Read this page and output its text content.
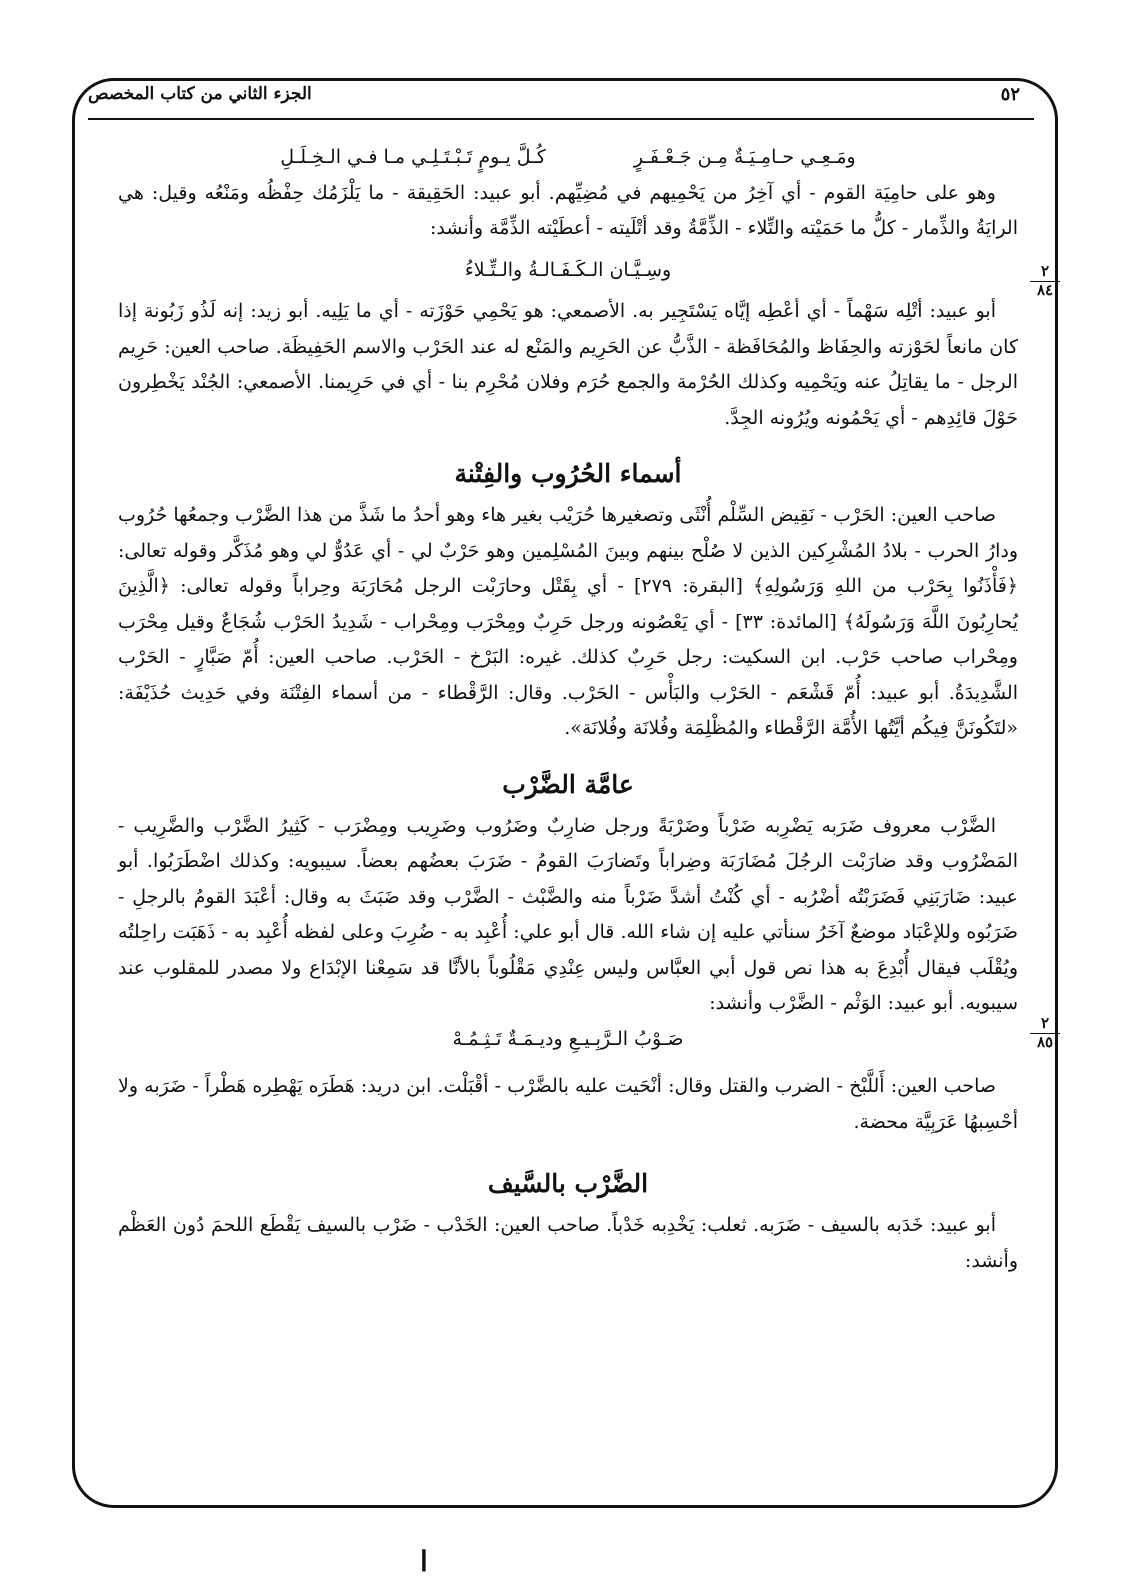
٥٢
الجزء الثاني من كتاب المخصص
٢
٨٤
٢
٨٥
ومَـعِـي حـامِـيَـةٌ مِـن جَـعْـفَـرٍ كُـلَّ يـومٍ تَـبْـتَـلِـي مـا فـي الـخِـلَـلِ

وهو على حامِيَة القوم - أي آخِرُ من يَحْمِيهم في مُضِيِّهم. أبو عبيد: الحَقِيقة - ما يَلْزَمُك حِفْظُه ومَنْعُه وقيل: هي الرايَةُ والذِّمار - كلُّ ما حَمَيْته والتِّلاء - الذِّمَّةُ وقد أتْلَيته - أعطَيْته الذِّمَّة وأنشد:

وسِـيَّـان الـكَـفَـالـةُ والـتِّـلاءُ

أبو عبيد: أتْلِه سَهْماً - أي أعْطِه إيَّاه يَسْتَجِير به. الأصمعي: هو يَحْمِي حَوْزَته - أي ما يَلِيه. أبو زيد: إنه لَذُو زَبُونة إذا كان مانعاً لحَوْزته والحِفَاظ والمُحَافَظة - الذَّبُّ عن الحَرِيم والمَنْع له عند الحَرْب والاسم الحَفِيظَة. صاحب العين: حَرِيم الرجل - ما يقاتِلُ عنه ويَحْمِيه وكذلك الحُرْمة والجمع حُرَم وفلان مُحْرِم بنا - أي في حَرِيمنا. الأصمعي: الجُنْد يَخْطِرون حَوْلَ قائِدِهم - أي يَحْمُونه ويُرُونه الجِدَّ.

أسماء الحُرُوب والفِتْنة

صاحب العين: الحَرْب - نَقِيض السِّلْم أُنْثَى وتصغيرها حُرَيْب بغير هاء وهو أحدُ ما شَذَّ من هذا الضَّرْب وجمعُها حُرُوب ودارُ الحرب - بلادُ المُشْرِكين الذين لا صُلْح بينهم وبينَ المُسْلِمين وهو حَرْبٌ لي - أي عَدُوٌّ لي وهو مُذَكَّر وقوله تعالى: ﴿فَأْذَنُوا بِحَرْب من اللهِ وَرَسُولِهِ﴾ [البقرة: ٢٧٩] - أي بِقَتْل وحارَبْت الرجل مُحَارَبَة وحِراباً وقوله تعالى: ﴿الَّذِينَ يُحارِبُونَ اللَّهَ وَرَسُولَهُ﴾ [المائدة: ٣٣] - أي يَعْصُونه ورجل حَرِبٌ ومِحْرَب ومِحْراب - شَدِيدُ الحَرْب شُجَاعٌ وقيل مِحْرَب ومِحْراب صاحب حَرْب. ابن السكيت: رجل حَرِبٌ كذلك. غيره: البَرْخ - الحَرْب. صاحب العين: أُمّ صَبَّارٍ - الحَرْب الشَّدِيدَةُ. أبو عبيد: أُمّ قَشْعَم - الحَرْب والبَأْس - الحَرْب. وقال: الرَّقْطاء - من أسماء الفِتْنَة وفي حَدِيث حُذَيْفَة: «لتَكُونَنَّ فِيكُم أيَّتُها الأُمَّة الرَّقْطاء والمُظْلِمَة وفُلانَة وفُلانَة».

عامَّة الضَّرْب

الضَّرْب معروف ضَرَبه يَضْرِبه ضَرْباً وضَرْبَةً ورجل ضارِبٌ وضَرُوب وضَرِيب ومِضْرَب - كَثِيرُ الضَّرْب والضَّرِيب - المَضْرُوب وقد ضارَبْت الرجُلَ مُضَارَبَة وضِراباً وتَضارَبَ القومُ - ضَرَبَ بعضُهم بعضاً. سيبويه: وكذلك اضْطَرَبُوا. أبو عبيد: ضَارَبَنِي فَضَرَبْتُه أضْرُبه - أي كُنْتُ أشدَّ ضَرْباً منه والضَّبْث - الضَّرْب وقد ضَبَثَ به وقال: أعْبَدَ القومُ بالرجلِ - ضَرَبُوه وللإعْبَاد موضعٌ آخَرُ سنأتي عليه إن شاء الله. قال أبو علي: أُعْبِد به - ضُرِبَ وعلى لفظه أُعْبِد به - ذَهَبَت راحِلتُه ويُقْلَب فيقال أُبْدِعَ به هذا نص قول أبي العبَّاس وليس عِنْدِي مَقْلُوباً بالأنَّا قد سَمِعْنا الإبْدَاع ولا مصدر للمقلوب عند سيبويه. أبو عبيد: الوَثْم - الضَّرْب وأنشد:

صَـوْبُ الـرَّبِـيـعِ وديـمَـةٌ تَـثِـمُـهْ

صاحب العين: أَللَّبْخ - الضرب والقتل وقال: أنْحَيت عليه بالضَّرْب - أقْبَلْت. ابن دريد: هَطَرَه يَهْطِره هَطْراً - ضَرَبه ولا أحْسِبهُا عَرَبِيَّة محضة.

الضَّرْب بالسَّيف

أبو عبيد: خَدَبه بالسيف - ضَرَبه. ثعلب: يَخْدِبه خَدْباً. صاحب العين: الخَدْب - ضَرْب بالسيف يَقْطَع اللحمَ دُون العَظْم وأنشد:

ا
